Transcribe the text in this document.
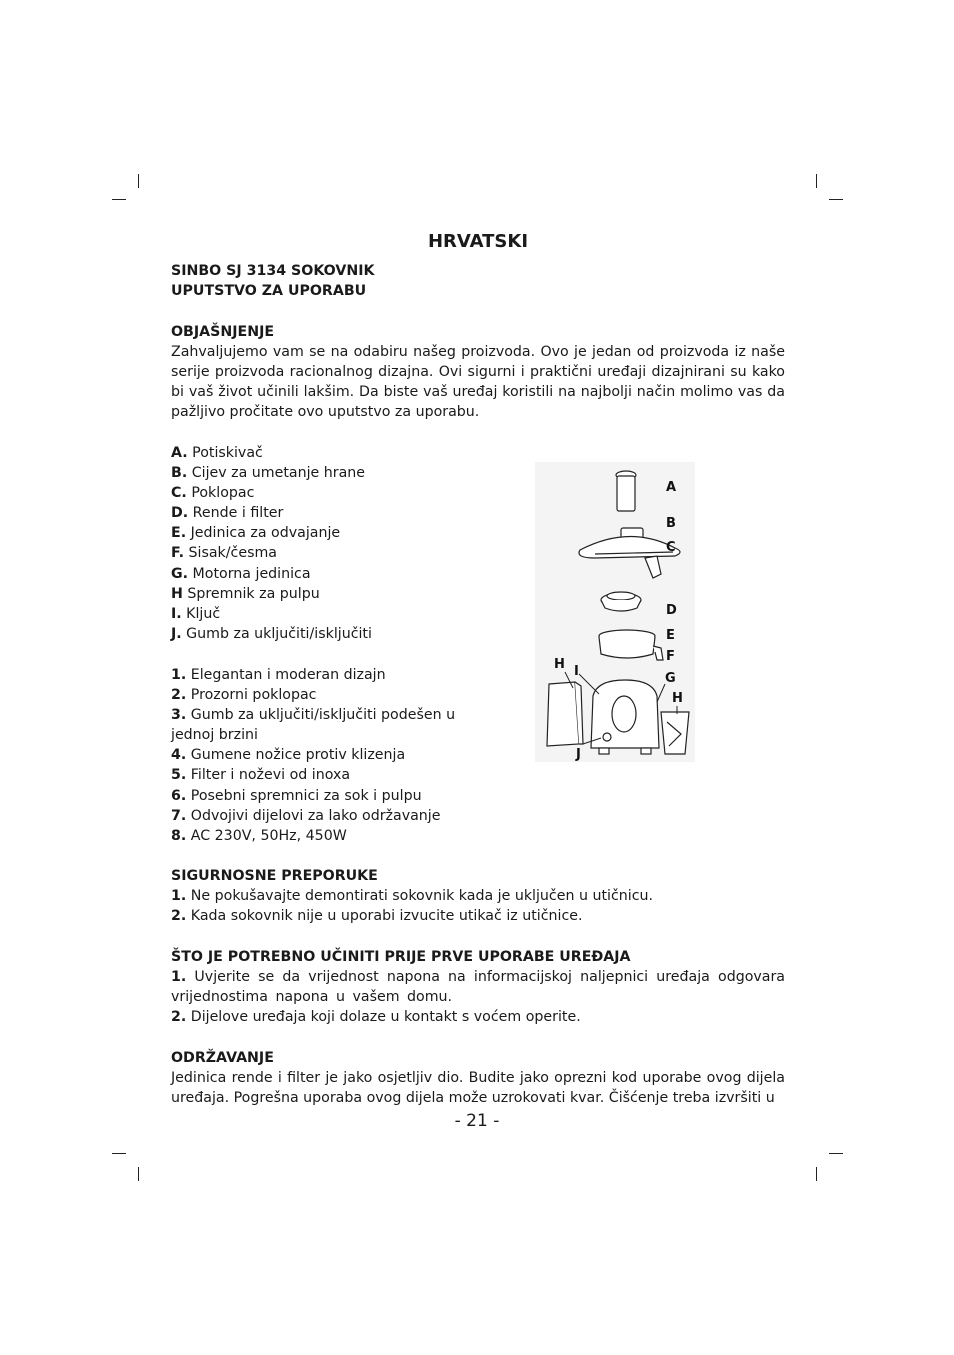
HRVATSKI
SINBO SJ 3134 SOKOVNIK
UPUTSTVO ZA UPORABU
OBJAŠNJENJE
Zahvaljujemo vam se na odabiru našeg proizvoda. Ovo je jedan od proizvoda iz naše serije proizvoda racionalnog dizajna. Ovi sigurni i praktični uređaji dizajnirani su kako bi vaš život učinili lakšim. Da biste vaš uređaj koristili na najbolji način molimo vas da pažljivo pročitate ovo uputstvo za uporabu.
A. Potiskivač
B. Cijev za umetanje hrane
C. Poklopac
D. Rende i filter
E. Jedinica za odvajanje
F. Sisak/česma
G. Motorna jedinica
H Spremnik za pulpu
I. Ključ
J. Gumb za uključiti/isključiti
1. Elegantan i moderan dizajn
2. Prozorni poklopac
3. Gumb za uključiti/isključiti podešen u jednoj brzini
4. Gumene nožice protiv klizenja
5. Filter i noževi od inoxa
6. Posebni spremnici za sok i pulpu
7. Odvojivi dijelovi za lako održavanje
8. AC 230V, 50Hz, 450W
SIGURNOSNE PREPORUKE
1. Ne pokušavajte demontirati sokovnik kada je uključen u utičnicu.
2. Kada sokovnik nije u uporabi izvucite utikač iz utičnice.
ŠTO JE POTREBNO UČINITI PRIJE PRVE UPORABE UREĐAJA
1. Uvjerite se da vrijednost napona na informacijskoj naljepnici uređaja odgovara vrijednostima napona u vašem domu.
2. Dijelove uređaja koji dolaze u kontakt s voćem operite.
ODRŽAVANJE
Jedinica rende i filter je jako osjetljiv dio. Budite jako oprezni kod uporabe ovog dijela uređaja. Pogrešna uporaba ovog dijela može uzrokovati kvar. Čišćenje treba izvršiti u
A
B
C
D
E
F
G
H
H
I
J
- 21 -
